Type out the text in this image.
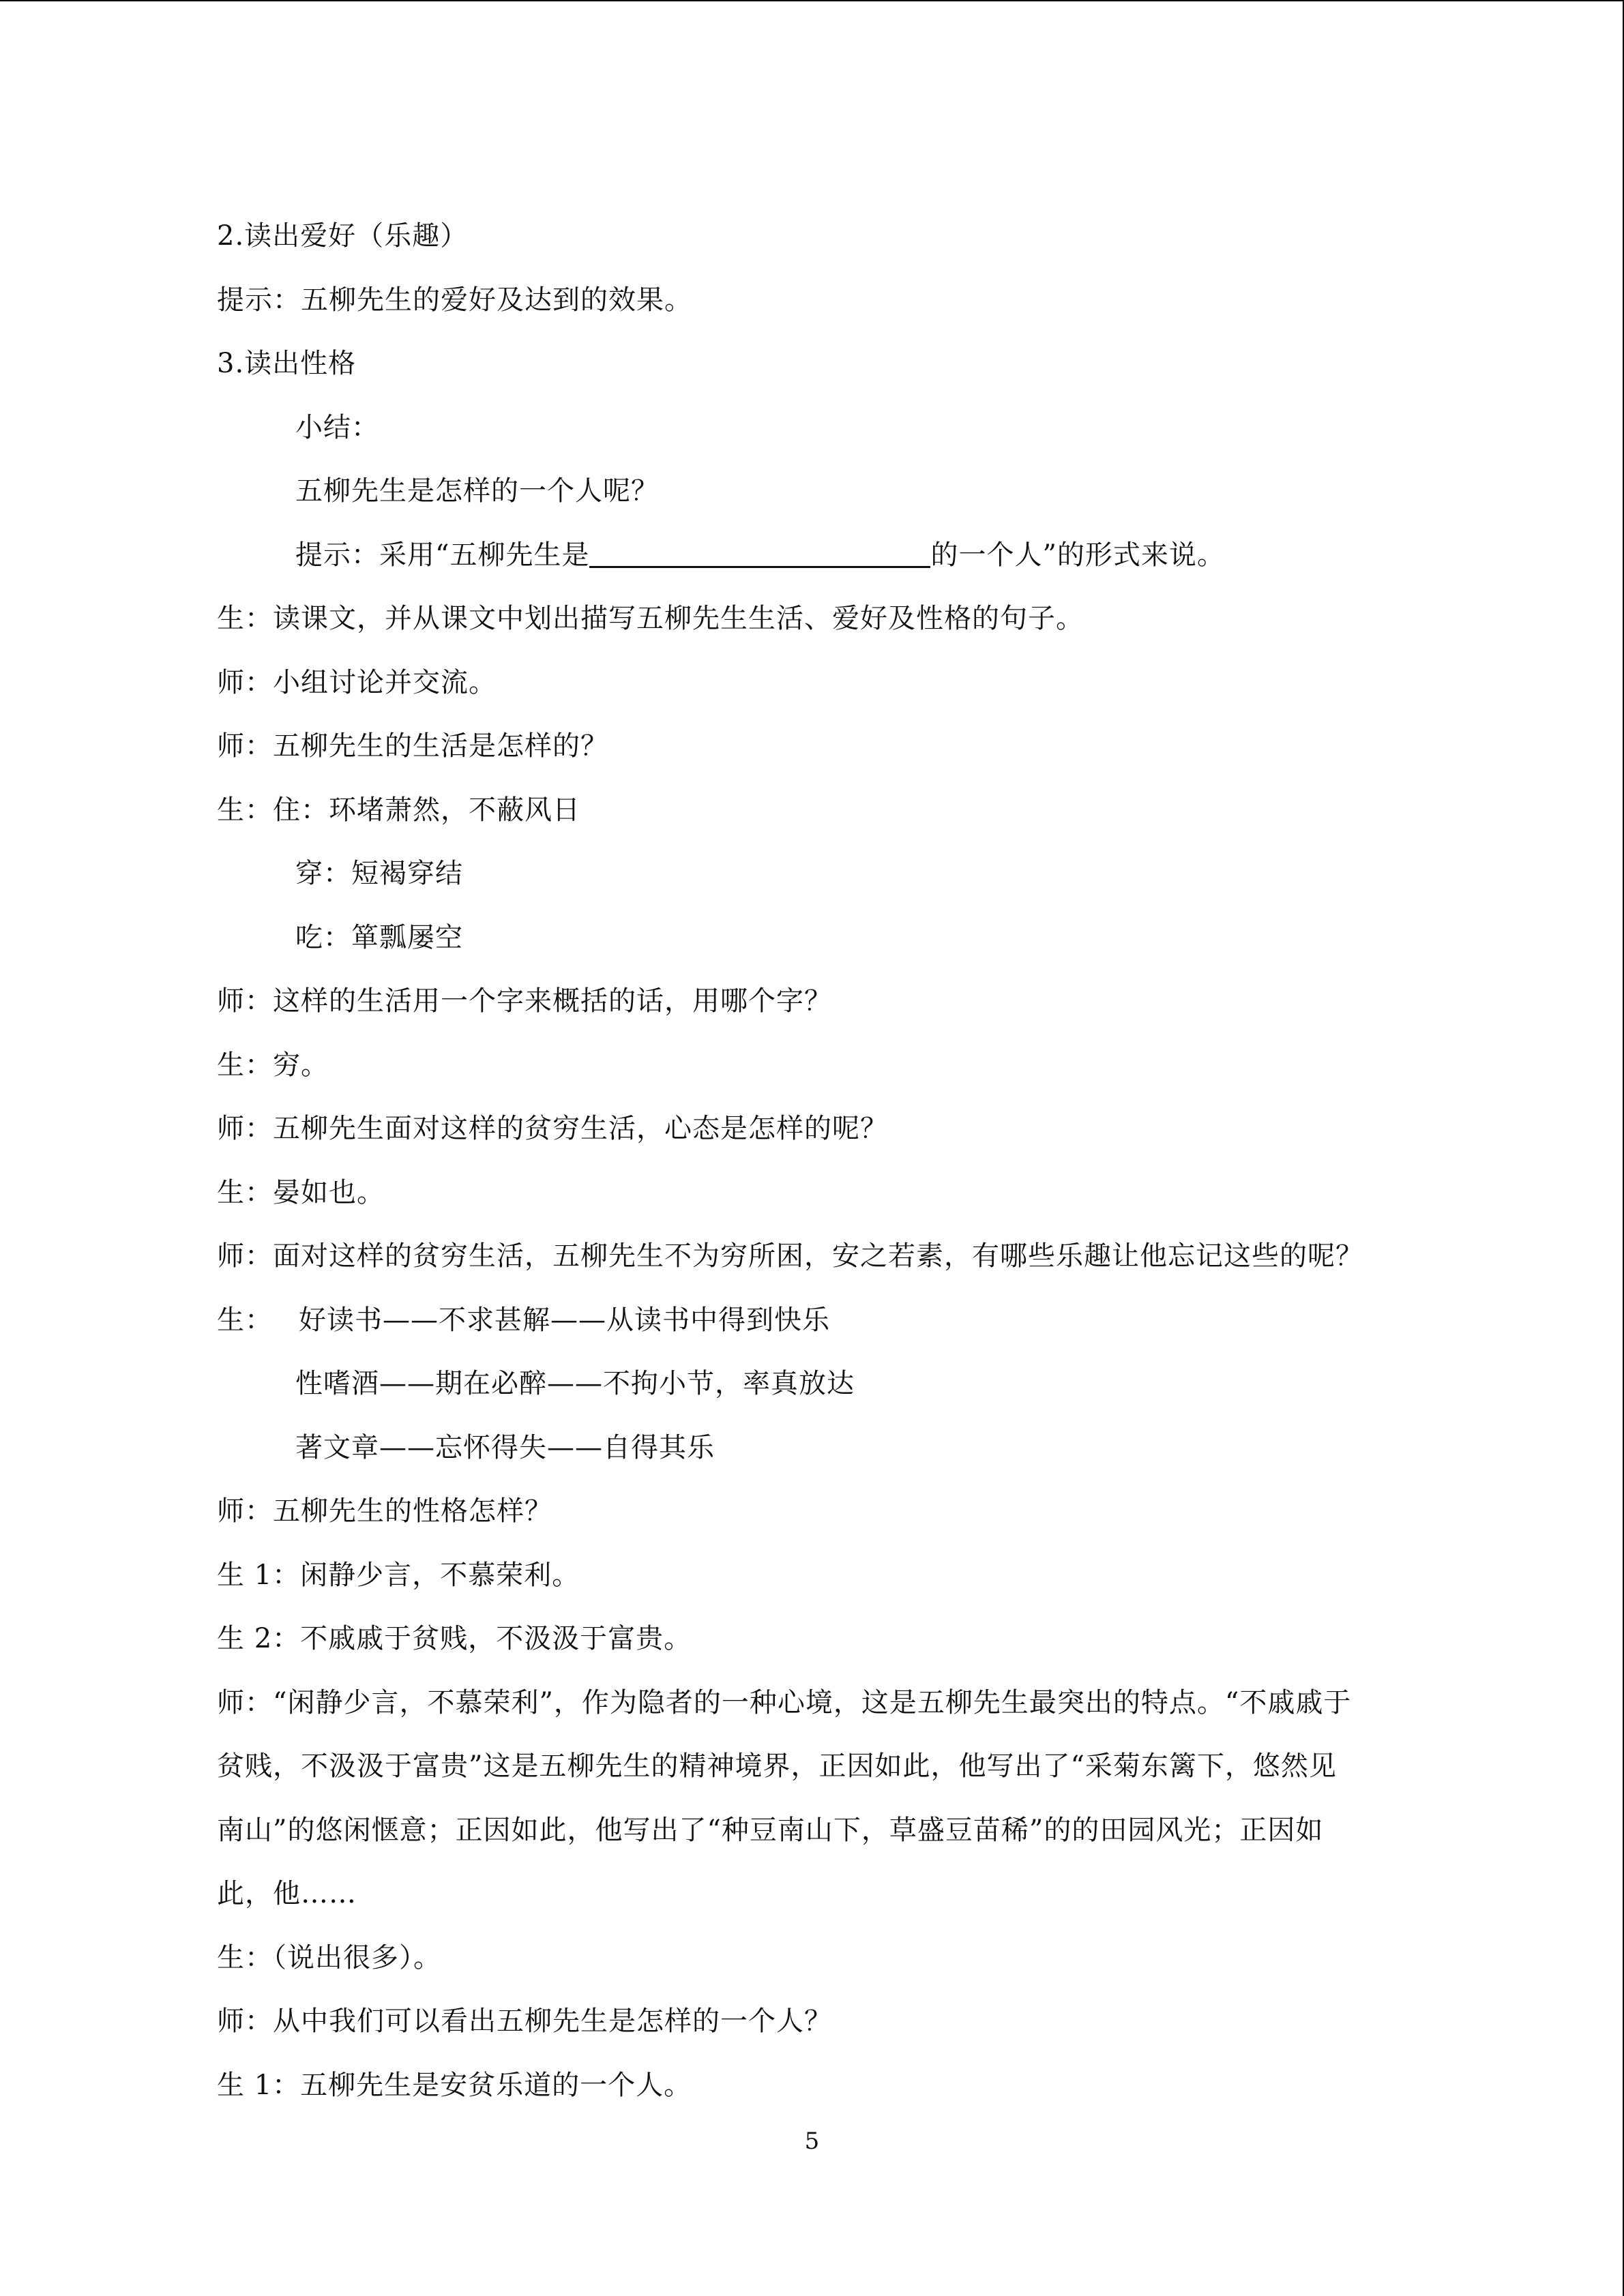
2.读出爱好（乐趣）
提示：五柳先生的爱好及达到的效果。
3.读出性格
小结：
五柳先生是怎样的一个人呢？
提示：采用“五柳先生是	的一个人”的形式来说。
生：读课文，并从课文中划出描写五柳先生生活、爱好及性格的句子。
师：小组讨论并交流。
师：五柳先生的生活是怎样的？
生：住：环堵萧然，不蔽风日
穿：短褐穿结
吃：箪瓢屡空
师：这样的生活用一个字来概括的话，用哪个字？
生：穷。
师：五柳先生面对这样的贫穷生活，心态是怎样的呢？
生：晏如也。
师：面对这样的贫穷生活，五柳先生不为穷所困，安之若素，有哪些乐趣让他忘记这些的呢？
生： 好读书——不求甚解——从读书中得到快乐
性嗜酒——期在必醉——不拘小节，率真放达
著文章——忘怀得失——自得其乐
师：五柳先生的性格怎样？
生 1：闲静少言，不慕荣利。
生 2：不戚戚于贫贱，不汲汲于富贵。
师：“闲静少言，不慕荣利”，作为隐者的一种心境，这是五柳先生最突出的特点。“不戚戚于
贫贱，不汲汲于富贵”这是五柳先生的精神境界，正因如此，他写出了“采菊东篱下，悠然见
南山”的悠闲惬意；正因如此，他写出了“种豆南山下，草盛豆苗稀”的的田园风光；正因如
此，他……
生：（说出很多）。
师：从中我们可以看出五柳先生是怎样的一个人？
生 1：五柳先生是安贫乐道的一个人。
5
